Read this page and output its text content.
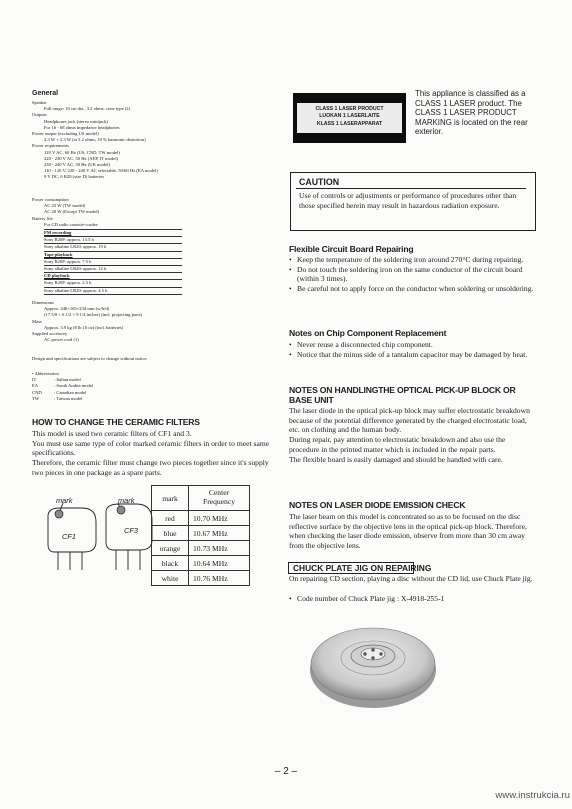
General
Speaker
Full range: 10 cm dia., 3.2 ohms, cone type (2)
Outputs
Headphones jack (stereo minijack)
For 16 - 68 ohms impedance headphones
Power output (excluding US model)
2.3 W + 2.3 W (at 3.2 ohms, 10 % harmonic distortion)
Power requirements
120 V AC, 60 Hz (US, CND, TW model)
220 - 230 V AC, 50 Hz (AEP, IT model)
230 - 240 V AC, 50 Hz (UK model)
110 - 120 V, 220 - 240 V AC selectable, 50/60 Hz (EA model)
9 V DC, 6 R20 (size D) batteries
Power consumption
AC 25 W (TW model)
AC 20 W (Except TW model)
Battery life
For CD radio cassette-corder:
FM recording
Sony R20P: approx. 13.5 h
Sony alkaline LR20: approx. 19 h
Tape playback
Sony R20P: approx. 7.5 h
Sony alkaline LR20: approx. 12 h
CD playback
Sony R20P: approx. 2.5 h
Sony alkaline LR20: approx. 4.5 h
Dimensions
Approx. 446×165×234 mm (w/h/d)
(17 5/8 × 6 1/2 × 9 1/4 inches) (incl. projecting parts)
Mass
Approx. 3.9 kg (8 lb 10 oz) (incl. batteries)
Supplied accessory
AC power cord (1)
Design and specifications are subject to change without notice.
• Abbreviation
IT	: Italian model
EA	: South Arabia model
CND	: Canadian model
TW	: Taiwan model
HOW TO CHANGE THE CERAMIC FILTERS

This model is used two ceramic filters of CF1 and 3.

You must use same type of color marked ceramic filters in order to meet same specifications.

Therefore, the ceramic filter must change two pieces together since it's supply two pieces in one package as a spare parts.

mark	mark
CF1
CF3
mark	Center
Frequency

red	10.70 MHz
blue	10.67 MHz
orange	10.73 MHz
black	10.64 MHz
white	10.76 MHz
CLASS 1 LASER PRODUCT
LUOKAN 1 LASERLAITE
KLASS 1 LASERAPPARAT
This appliance is classified as a CLASS 1 LASER product. The CLASS 1 LASER PRODUCT MARKING is located on the rear exterior.
CAUTION
Use of controls or adjustments or performance of procedures other than those specified herein may result in hazardous radiation exposure.
Flexible Circuit Board Repairing
• Keep the temperature of the soldering iron around 270°C during repairing.
• Do not touch the soldering iron on the same conductor of the circuit board (within 3 times).
• Be careful not to apply force on the conductor when soldering or unsoldering.
Notes on Chip Component Replacement
• Never reuse a disconnected chip component.
• Notice that the minus side of a tantalum capacitor may be damaged by heat.
NOTES ON HANDLINGTHE OPTICAL PICK-UP BLOCK OR BASE UNIT

The laser diode in the optical pick-up block may suffer electrostatic breakdown because of the potential difference generated by the charged electrostatic load, etc. on clothing and the human body.

During repair, pay attention to electrostatic breakdown and also use the procedure in the printed matter which is included in the repair parts.

The flexible board is easily damaged and should be handled with care.

NOTES ON LASER DIODE EMISSION CHECK
The laser beam on this model is concentrated so as to be focused on the disc reflective surface by the objective lens in the optical pick-up block. Therefore, when checking the laser diode emission, observe from more than 30 cm away from the objective lens.
CHUCK PLATE JIG ON REPAIRING
On repairing CD section, playing a disc without the CD lid, use Chuck Plate jig.
• Code number of Chuck Plate jig : X-4918-255-1
– 2 –
www.instrukcia.ru
